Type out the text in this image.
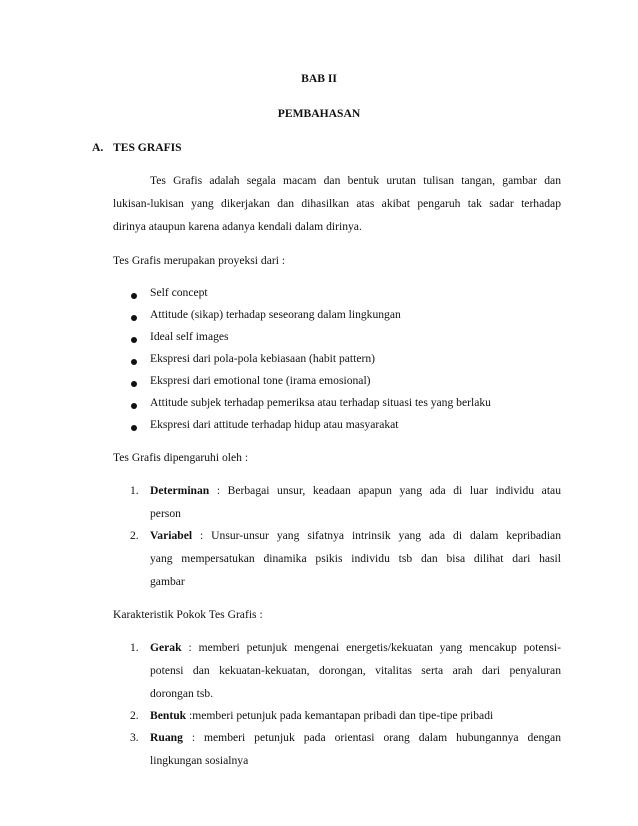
BAB II
PEMBAHASAN
A. TES GRAFIS
Tes Grafis adalah segala macam dan bentuk urutan tulisan tangan, gambar dan
lukisan-lukisan yang dikerjakan dan dihasilkan atas akibat pengaruh tak sadar terhadap
dirinya ataupun karena adanya kendali dalam dirinya.
Tes Grafis merupakan proyeksi dari :
Self concept
Attitude (sikap) terhadap seseorang dalam lingkungan
Ideal self images
Ekspresi dari pola-pola kebiasaan (habit pattern)
Ekspresi dari emotional tone (irama emosional)
Attitude subjek terhadap pemeriksa atau terhadap situasi tes yang berlaku
Ekspresi dari attitude terhadap hidup atau masyarakat
Tes Grafis dipengaruhi oleh :
1. Determinan : Berbagai unsur, keadaan apapun yang ada di luar individu atau
person
2. Variabel : Unsur-unsur yang sifatnya intrinsik yang ada di dalam kepribadian
yang mempersatukan dinamika psikis individu tsb dan bisa dilihat dari hasil
gambar
Karakteristik Pokok Tes Grafis :
1. Gerak : memberi petunjuk mengenai energetis/kekuatan yang mencakup potensi-
potensi dan kekuatan-kekuatan, dorongan, vitalitas serta arah dari penyaluran
dorongan tsb.
2. Bentuk :memberi petunjuk pada kemantapan pribadi dan tipe-tipe pribadi
3. Ruang : memberi petunjuk pada orientasi orang dalam hubungannya dengan
lingkungan sosialnya
